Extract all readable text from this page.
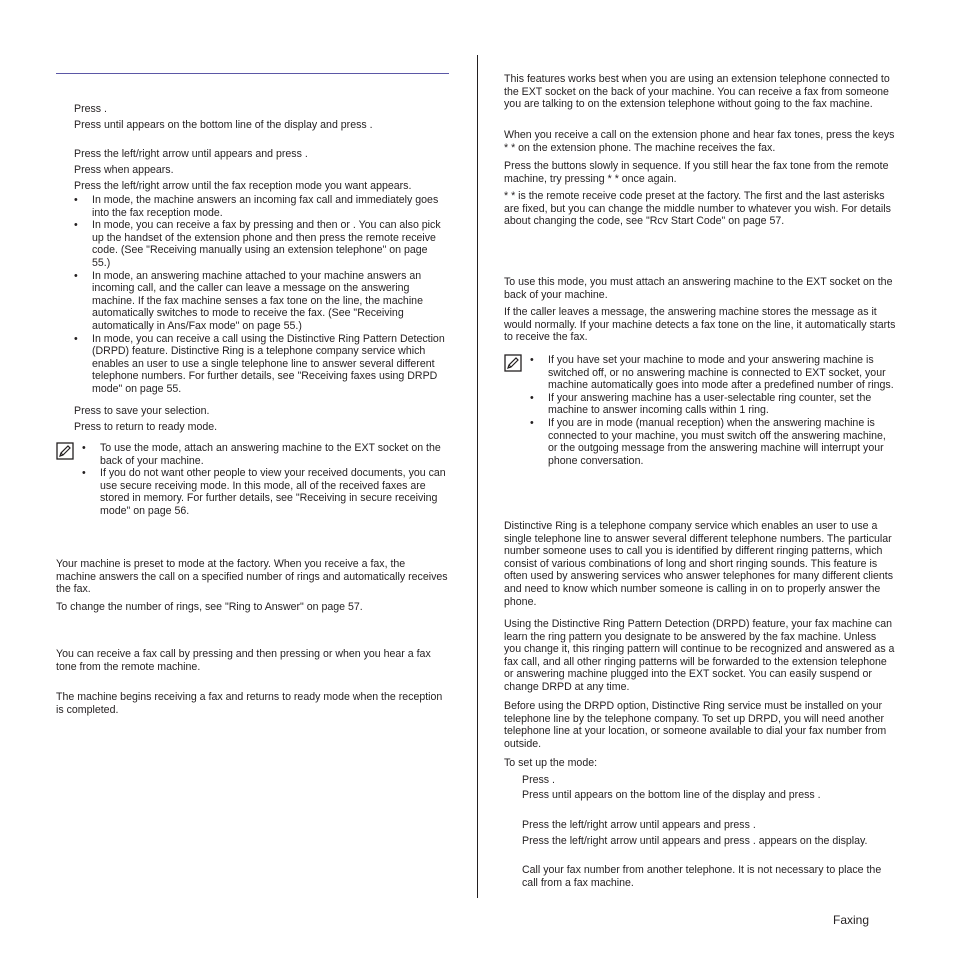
Press .

Press until appears on the bottom line of the display and press .

Press the left/right arrow until appears and press .

Press when appears.

Press the left/right arrow until the fax reception mode you want appears.

• In mode, the machine answers an incoming fax call and immediately goes into the fax reception mode.
• In mode, you can receive a fax by pressing and then or . You can also pick up the handset of the extension phone and then press the remote receive code. (See "Receiving manually using an extension telephone" on page 55.)
• In mode, an answering machine attached to your machine answers an incoming call, and the caller can leave a message on the answering machine. If the fax machine senses a fax tone on the line, the machine automatically switches to mode to receive the fax. (See "Receiving automatically in Ans/Fax mode" on page 55.)
• In mode, you can receive a call using the Distinctive Ring Pattern Detection (DRPD) feature. Distinctive Ring is a telephone company service which enables an user to use a single telephone line to answer several different telephone numbers. For further details, see "Receiving faxes using DRPD mode" on page 55.

Press to save your selection.

Press to return to ready mode.

• To use the mode, attach an answering machine to the EXT socket on the back of your machine.
• If you do not want other people to view your received documents, you can use secure receiving mode. In this mode, all of the received faxes are stored in memory. For further details, see "Receiving in secure receiving mode" on page 56.

Your machine is preset to mode at the factory. When you receive a fax, the machine answers the call on a specified number of rings and automatically receives the fax.

To change the number of rings, see "Ring to Answer" on page 57.

You can receive a fax call by pressing and then pressing or when you hear a fax tone from the remote machine.

The machine begins receiving a fax and returns to ready mode when the reception is completed.

This features works best when you are using an extension telephone connected to the EXT socket on the back of your machine. You can receive a fax from someone you are talking to on the extension telephone without going to the fax machine.

When you receive a call on the extension phone and hear fax tones, press the keys * * on the extension phone. The machine receives the fax.

Press the buttons slowly in sequence. If you still hear the fax tone from the remote machine, try pressing * * once again.

* * is the remote receive code preset at the factory. The first and the last asterisks are fixed, but you can change the middle number to whatever you wish. For details about changing the code, see "Rcv Start Code" on page 57.

To use this mode, you must attach an answering machine to the EXT socket on the back of your machine.

If the caller leaves a message, the answering machine stores the message as it would normally. If your machine detects a fax tone on the line, it automatically starts to receive the fax.

• If you have set your machine to mode and your answering machine is switched off, or no answering machine is connected to EXT socket, your machine automatically goes into mode after a predefined number of rings.
• If your answering machine has a user-selectable ring counter, set the machine to answer incoming calls within 1 ring.
• If you are in mode (manual reception) when the answering machine is connected to your machine, you must switch off the answering machine, or the outgoing message from the answering machine will interrupt your phone conversation.

Distinctive Ring is a telephone company service which enables an user to use a single telephone line to answer several different telephone numbers. The particular number someone uses to call you is identified by different ringing patterns, which consist of various combinations of long and short ringing sounds. This feature is often used by answering services who answer telephones for many different clients and need to know which number someone is calling in on to properly answer the phone.

Using the Distinctive Ring Pattern Detection (DRPD) feature, your fax machine can learn the ring pattern you designate to be answered by the fax machine. Unless you change it, this ringing pattern will continue to be recognized and answered as a fax call, and all other ringing patterns will be forwarded to the extension telephone or answering machine plugged into the EXT socket. You can easily suspend or change DRPD at any time.

Before using the DRPD option, Distinctive Ring service must be installed on your telephone line by the telephone company. To set up DRPD, you will need another telephone line at your location, or someone available to dial your fax number from outside.

To set up the mode:

Press .

Press until appears on the bottom line of the display and press .

Press the left/right arrow until appears and press .

Press the left/right arrow until appears and press . appears on the display.

Call your fax number from another telephone. It is not necessary to place the call from a fax machine.

Faxing
